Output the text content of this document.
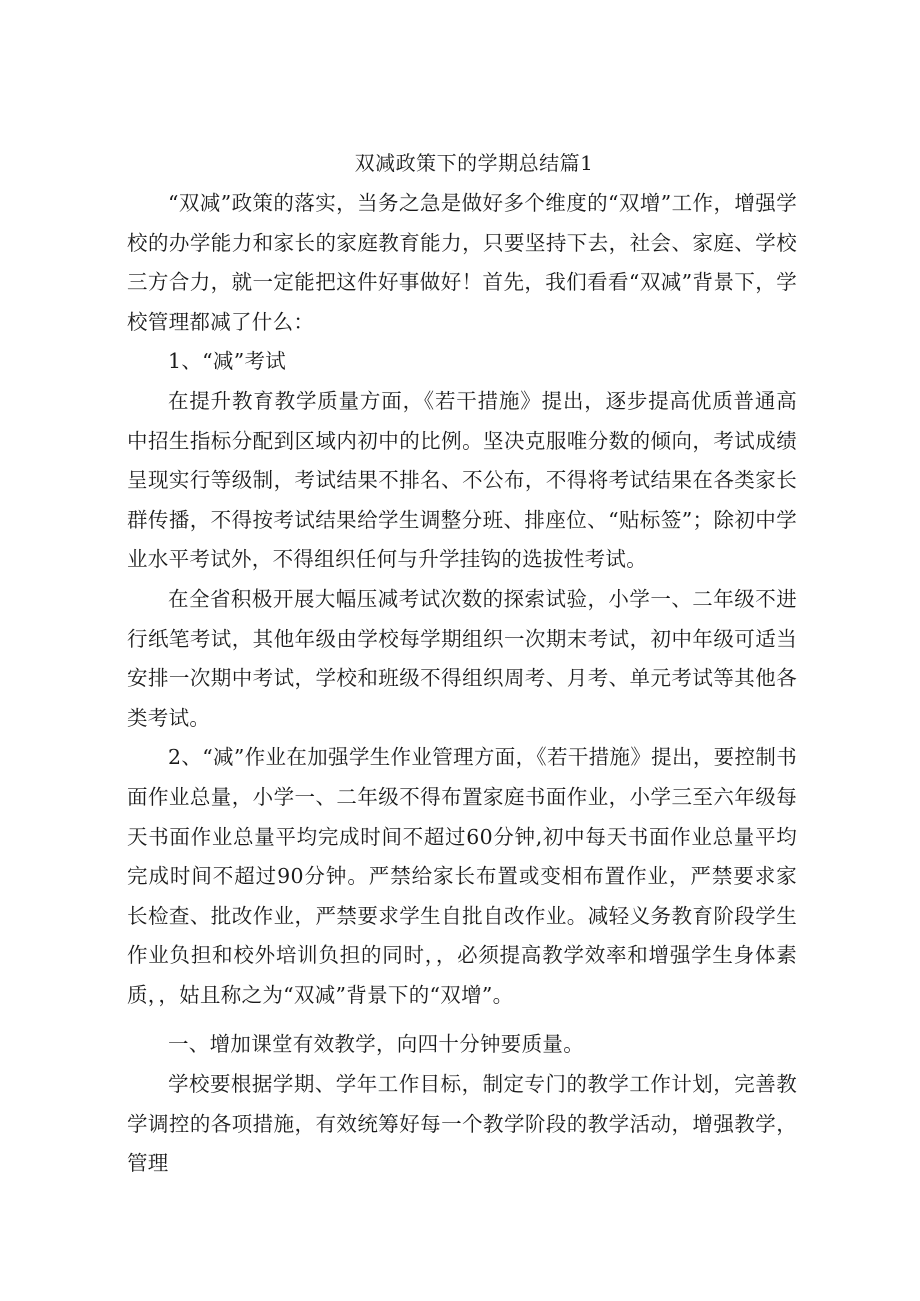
双减政策下的学期总结篇1

“双减”政策的落实，当务之急是做好多个维度的“双增”工作，增强学校的办学能力和家长的家庭教育能力，只要坚持下去，社会、家庭、学校三方合力，就一定能把这件好事做好！首先，我们看看“双减”背景下，学校管理都减了什么：

1、“减”考试

在提升教育教学质量方面，《若干措施》提出，逐步提高优质普通高中招生指标分配到区域内初中的比例。坚决克服唯分数的倾向，考试成绩呈现实行等级制，考试结果不排名、不公布，不得将考试结果在各类家长群传播，不得按考试结果给学生调整分班、排座位、“贴标签”；除初中学业水平考试外，不得组织任何与升学挂钩的选拔性考试。

在全省积极开展大幅压减考试次数的探索试验，小学一、二年级不进行纸笔考试，其他年级由学校每学期组织一次期末考试，初中年级可适当安排一次期中考试，学校和班级不得组织周考、月考、单元考试等其他各类考试。

2、“减”作业在加强学生作业管理方面，《若干措施》提出，要控制书面作业总量，小学一、二年级不得布置家庭书面作业，小学三至六年级每天书面作业总量平均完成时间不超过60分钟,初中每天书面作业总量平均完成时间不超过90分钟。严禁给家长布置或变相布置作业，严禁要求家长检查、批改作业，严禁要求学生自批自改作业。减轻义务教育阶段学生作业负担和校外培训负担的同时，，必须提高教学效率和增强学生身体素质，，姑且称之为“双减”背景下的“双增”。

一、增加课堂有效教学，向四十分钟要质量。

学校要根据学期、学年工作目标，制定专门的教学工作计划，完善教学调控的各项措施，有效统筹好每一个教学阶段的教学活动，增强教学，管理
